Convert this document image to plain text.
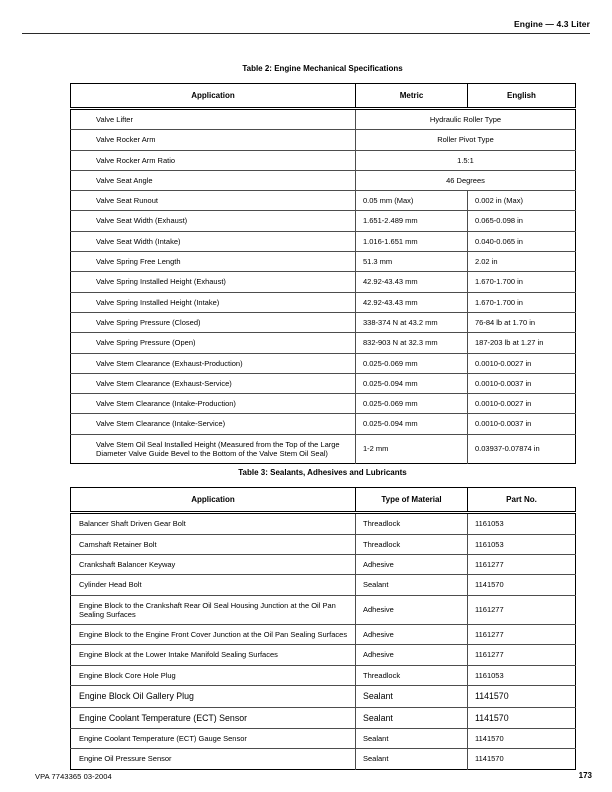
Engine — 4.3 Liter
Table 2: Engine Mechanical Specifications
Application	Metric	English
Valve Lifter	Hydraulic Roller Type	
Valve Rocker Arm	Roller Pivot Type	
Valve Rocker Arm Ratio	1.5:1	
Valve Seat Angle	46 Degrees	
Valve Seat Runout	0.05 mm (Max)	0.002 in (Max)
Valve Seat Width (Exhaust)	1.651-2.489 mm	0.065-0.098 in
Valve Seat Width (Intake)	1.016-1.651 mm	0.040-0.065 in
Valve Spring Free Length	51.3 mm	2.02 in
Valve Spring Installed Height (Exhaust)	42.92-43.43 mm	1.670-1.700 in
Valve Spring Installed Height (Intake)	42.92-43.43 mm	1.670-1.700 in
Valve Spring Pressure (Closed)	338-374 N at 43.2 mm	76-84 lb at 1.70 in
Valve Spring Pressure (Open)	832-903 N at 32.3 mm	187-203 lb at 1.27 in
Valve Stem Clearance (Exhaust-Production)	0.025-0.069 mm	0.0010-0.0027 in
Valve Stem Clearance (Exhaust-Service)	0.025-0.094 mm	0.0010-0.0037 in
Valve Stem Clearance (Intake-Production)	0.025-0.069 mm	0.0010-0.0027 in
Valve Stem Clearance (Intake-Service)	0.025-0.094 mm	0.0010-0.0037 in
Valve Stem Oil Seal Installed Height (Measured from the Top of the Large Diameter Valve Guide Bevel to the Bottom of the Valve Stem Oil Seal)	1-2 mm	0.03937-0.07874 in
Table 3: Sealants, Adhesives and Lubricants
Application	Type of Material	Part No.
Balancer Shaft Driven Gear Bolt	Threadlock	1161053
Camshaft Retainer Bolt	Threadlock	1161053
Crankshaft Balancer Keyway	Adhesive	1161277
Cylinder Head Bolt	Sealant	1141570
Engine Block to the Crankshaft Rear Oil Seal Housing Junction at the Oil Pan Sealing Surfaces	Adhesive	1161277
Engine Block to the Engine Front Cover Junction at the Oil Pan Sealing Surfaces	Adhesive	1161277
Engine Block at the Lower Intake Manifold Sealing Surfaces	Adhesive	1161277
Engine Block Core Hole Plug	Threadlock	1161053
Engine Block Oil Gallery Plug	Sealant	1141570
Engine Coolant Temperature (ECT) Sensor	Sealant	1141570
Engine Coolant Temperature (ECT) Gauge Sensor	Sealant	1141570
Engine Oil Pressure Sensor	Sealant	1141570
VPA 7743365 03-2004	173
